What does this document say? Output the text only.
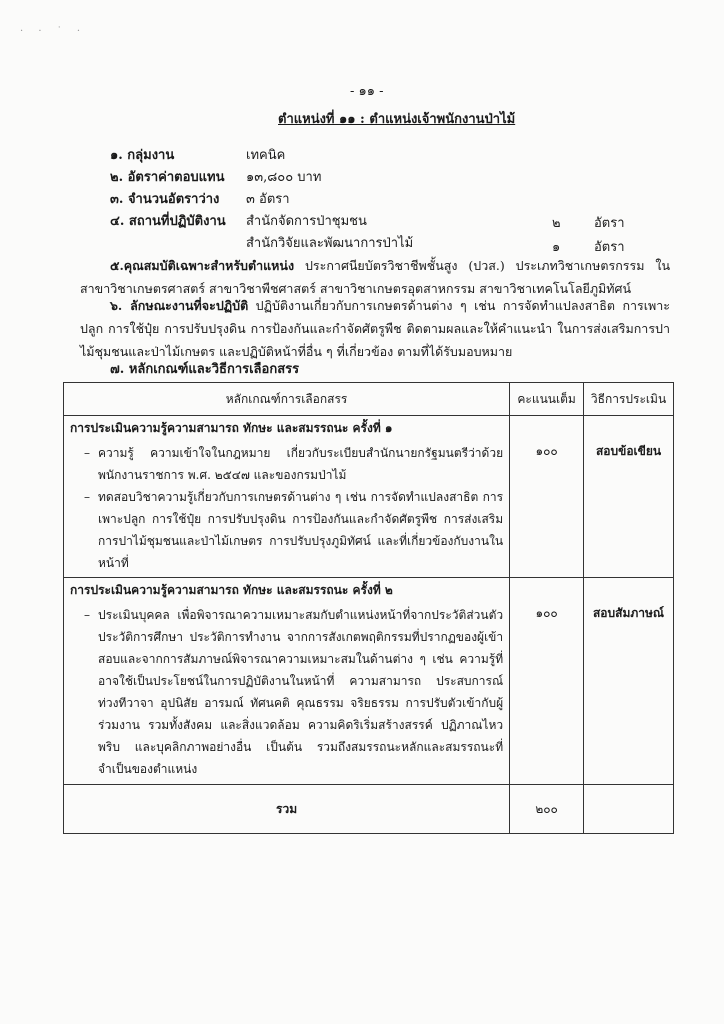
· · ˙ ·
- ๑๑ -
ตำแหน่งที่ ๑๑ : ตำแหน่งเจ้าพนักงานป่าไม้
๑. กลุ่มงาน	เทคนิค
๒. อัตราค่าตอบแทน ๑๓,๘๐๐ บาท
๓. จำนวนอัตราว่าง ๓ อัตรา
๔. สถานที่ปฏิบัติงาน สำนักจัดการป่าชุมชน	๒	อัตรา
สำนักวิจัยและพัฒนาการป่าไม้	๑	อัตรา
๕.คุณสมบัติเฉพาะสำหรับตำแหน่ง ประกาศนียบัตรวิชาชีพชั้นสูง (ปวส.) ประเภทวิชาเกษตรกรรม ในสาขาวิชาเกษตรศาสตร์ สาขาวิชาพืชศาสตร์ สาขาวิชาเกษตรอุตสาหกรรม สาขาวิชาเทคโนโลยีภูมิทัศน์
๖. ลักษณะงานที่จะปฏิบัติ ปฏิบัติงานเกี่ยวกับการเกษตรด้านต่าง ๆ เช่น การจัดทำแปลงสาธิต การเพาะปลูก การใช้ปุ๋ย การปรับปรุงดิน การป้องกันและกำจัดศัตรูพืช ติดตามผลและให้คำแนะนำ ในการส่งเสริมการปาไม้ชุมชนและป่าไม้เกษตร และปฏิบัติหน้าที่อื่น ๆ ที่เกี่ยวข้อง ตามที่ได้รับมอบหมาย
๗. หลักเกณฑ์และวิธีการเลือกสรร
หลักเกณฑ์การเลือกสรร	คะแนนเต็ม	วิธีการประเมิน

การประเมินความรู้ความสามารถ ทักษะ และสมรรถนะ ครั้งที่ ๑
– ความรู้ ความเข้าใจในกฎหมาย เกี่ยวกับระเบียบสำนักนายกรัฐมนตรีว่าด้วยพนักงานราชการ พ.ศ. ๒๕๔๗ และของกรมป่าไม้
– ทดสอบวิชาความรู้เกี่ยวกับการเกษตรด้านต่าง ๆ เช่น การจัดทำแปลงสาธิต การเพาะปลูก การใช้ปุ๋ย การปรับปรุงดิน การป้องกันและกำจัดศัตรูพืช การส่งเสริมการปาไม้ชุมชนและป่าไม้เกษตร การปรับปรุงภูมิทัศน์ และที่เกี่ยวข้องกับงานในหน้าที่	๑๐๐	สอบข้อเขียน

การประเมินความรู้ความสามารถ ทักษะ และสมรรถนะ ครั้งที่ ๒
– ประเมินบุคคล เพื่อพิจารณาความเหมาะสมกับตำแหน่งหน้าที่จากประวัติส่วนตัวประวัติการศึกษา ประวัติการทำงาน จากการสังเกตพฤติกรรมที่ปรากฏของผู้เข้าสอบและจากการสัมภาษณ์พิจารณาความเหมาะสมในด้านต่าง ๆ เช่น ความรู้ที่อาจใช้เป็นประโยชน์ในการปฏิบัติงานในหน้าที่ ความสามารถ ประสบการณ์ ท่วงทีวาจา อุปนิสัย อารมณ์ ทัศนคติ คุณธรรม จริยธรรม การปรับตัวเข้ากับผู้ร่วมงาน รวมทั้งสังคม และสิ่งแวดล้อม ความคิดริเริ่มสร้างสรรค์ ปฏิภาณไหวพริบ และบุคลิกภาพอย่างอื่น เป็นต้น รวมถึงสมรรถนะหลักและสมรรถนะที่จำเป็นของตำแหน่ง	๑๐๐	สอบสัมภาษณ์
รวม	๒๐๐	
